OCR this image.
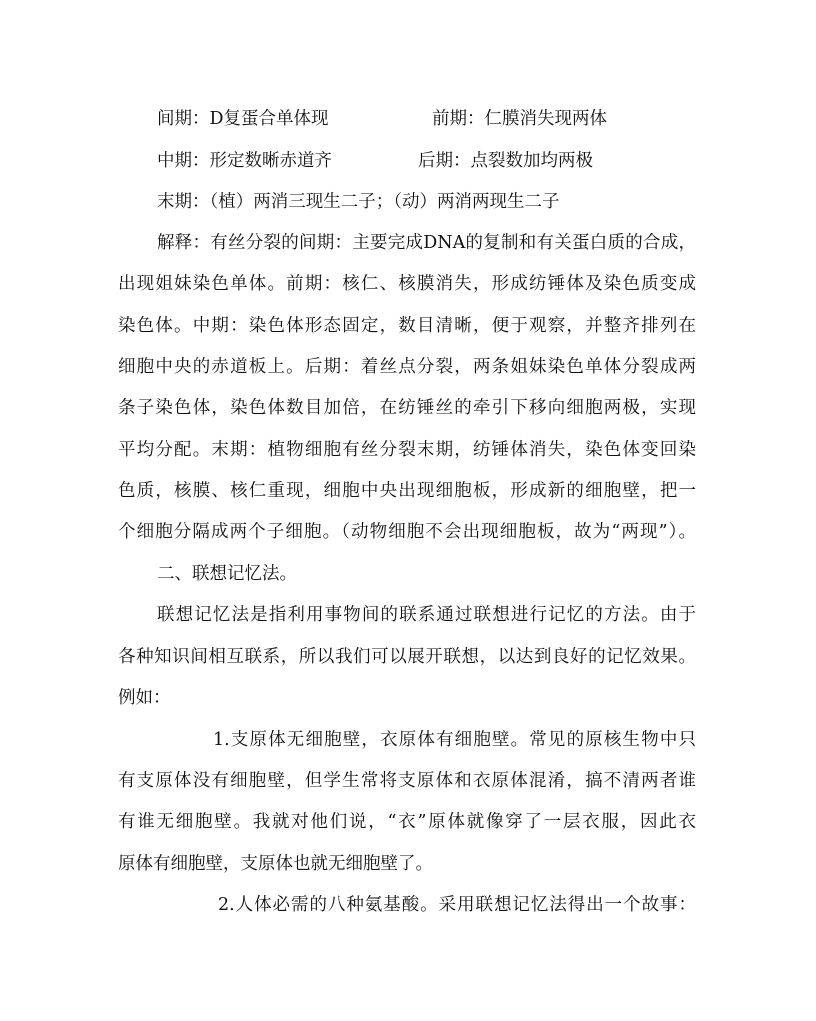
间期：D复蛋合单体现	前期：仁膜消失现两体
中期：形定数晰赤道齐	后期：点裂数加均两极
末期：（植）两消三现生二子；（动）两消两现生二子
解释：有丝分裂的间期：主要完成DNA的复制和有关蛋白质的合成，
出现姐妹染色单体。前期：核仁、核膜消失，形成纺锤体及染色质变成
染色体。中期：染色体形态固定，数目清晰，便于观察，并整齐排列在
细胞中央的赤道板上。后期：着丝点分裂，两条姐妹染色单体分裂成两
条子染色体，染色体数目加倍，在纺锤丝的牵引下移向细胞两极，实现
平均分配。末期：植物细胞有丝分裂末期，纺锤体消失，染色体变回染
色质，核膜、核仁重现，细胞中央出现细胞板，形成新的细胞壁，把一
个细胞分隔成两个子细胞。（动物细胞不会出现细胞板，故为“两现”）。
二、联想记忆法。
联想记忆法是指利用事物间的联系通过联想进行记忆的方法。由于
各种知识间相互联系，所以我们可以展开联想，以达到良好的记忆效果。
例如：
1.支原体无细胞壁，衣原体有细胞壁。常见的原核生物中只
有支原体没有细胞壁，但学生常将支原体和衣原体混淆，搞不清两者谁
有谁无细胞壁。我就对他们说，“衣”原体就像穿了一层衣服，因此衣
原体有细胞壁，支原体也就无细胞壁了。
2.人体必需的八种氨基酸。采用联想记忆法得出一个故事：
